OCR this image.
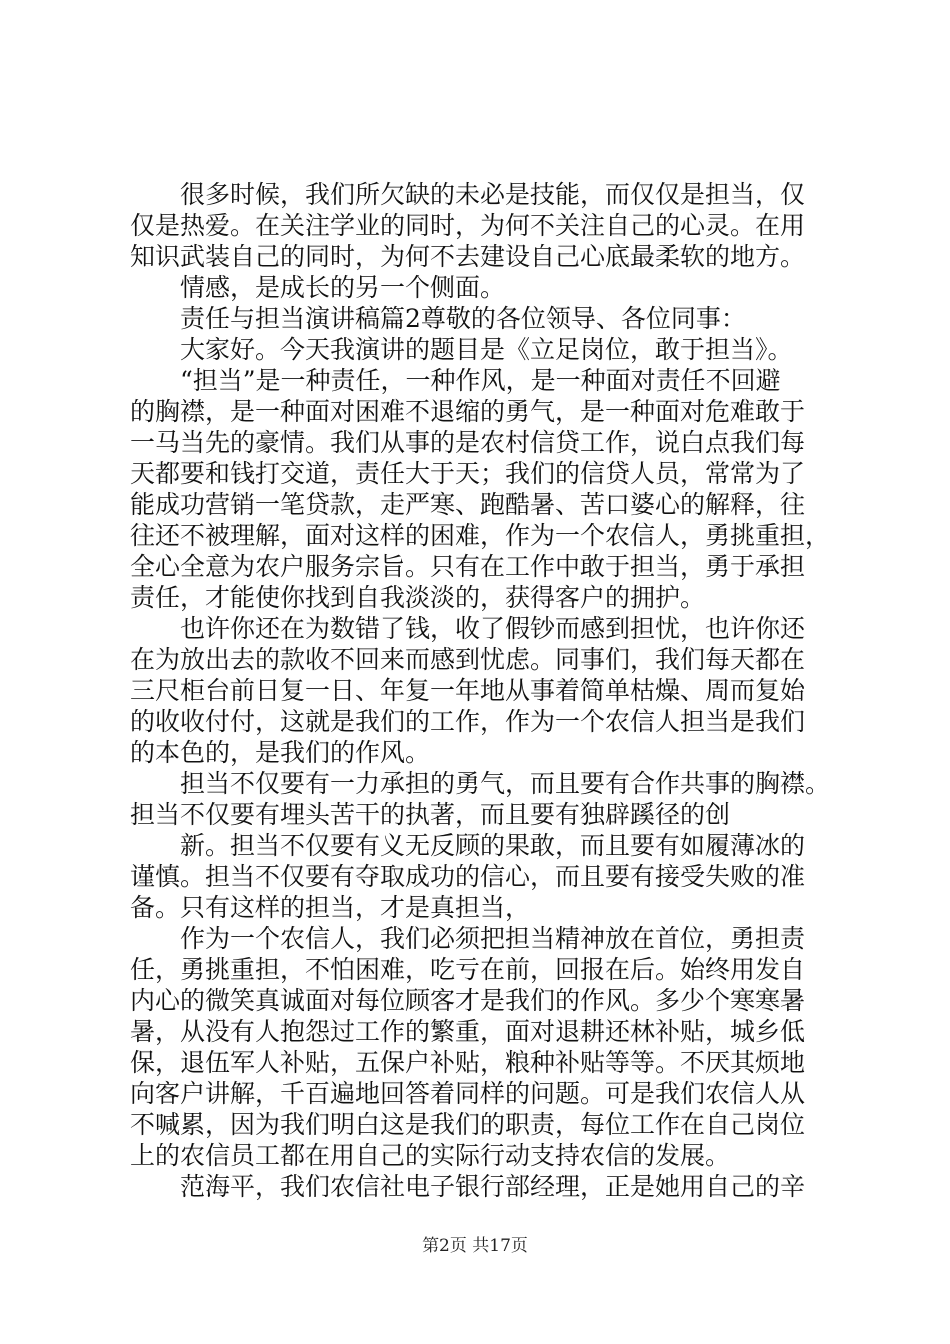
很多时候，我们所欠缺的未必是技能，而仅仅是担当，仅
仅是热爱。在关注学业的同时，为何不关注自己的心灵。在用
知识武装自己的同时，为何不去建设自己心底最柔软的地方。
情感，是成长的另一个侧面。
责任与担当演讲稿篇2尊敬的各位领导、各位同事：
大家好。今天我演讲的题目是《立足岗位，敢于担当》。
“担当”是一种责任，一种作风，是一种面对责任不回避
的胸襟，是一种面对困难不退缩的勇气，是一种面对危难敢于
一马当先的豪情。我们从事的是农村信贷工作，说白点我们每
天都要和钱打交道，责任大于天；我们的信贷人员，常常为了
能成功营销一笔贷款，走严寒、跑酷暑、苦口婆心的解释，往
往还不被理解，面对这样的困难，作为一个农信人，勇挑重担，
全心全意为农户服务宗旨。只有在工作中敢于担当，勇于承担
责任，才能使你找到自我淡淡的，获得客户的拥护。
也许你还在为数错了钱，收了假钞而感到担忧，也许你还
在为放出去的款收不回来而感到忧虑。同事们，我们每天都在
三尺柜台前日复一日、年复一年地从事着简单枯燥、周而复始
的收收付付，这就是我们的工作，作为一个农信人担当是我们
的本色的，是我们的作风。
担当不仅要有一力承担的勇气，而且要有合作共事的胸襟。
担当不仅要有埋头苦干的执著，而且要有独辟蹊径的创
新。担当不仅要有义无反顾的果敢，而且要有如履薄冰的
谨慎。担当不仅要有夺取成功的信心，而且要有接受失败的准
备。只有这样的担当，才是真担当，
作为一个农信人，我们必须把担当精神放在首位，勇担责
任，勇挑重担，不怕困难，吃亏在前，回报在后。始终用发自
内心的微笑真诚面对每位顾客才是我们的作风。多少个寒寒暑
暑，从没有人抱怨过工作的繁重，面对退耕还林补贴，城乡低
保，退伍军人补贴，五保户补贴，粮种补贴等等。不厌其烦地
向客户讲解，千百遍地回答着同样的问题。可是我们农信人从
不喊累，因为我们明白这是我们的职责，每位工作在自己岗位
上的农信员工都在用自己的实际行动支持农信的发展。
范海平，我们农信社电子银行部经理，正是她用自己的辛
第2页 共17页
